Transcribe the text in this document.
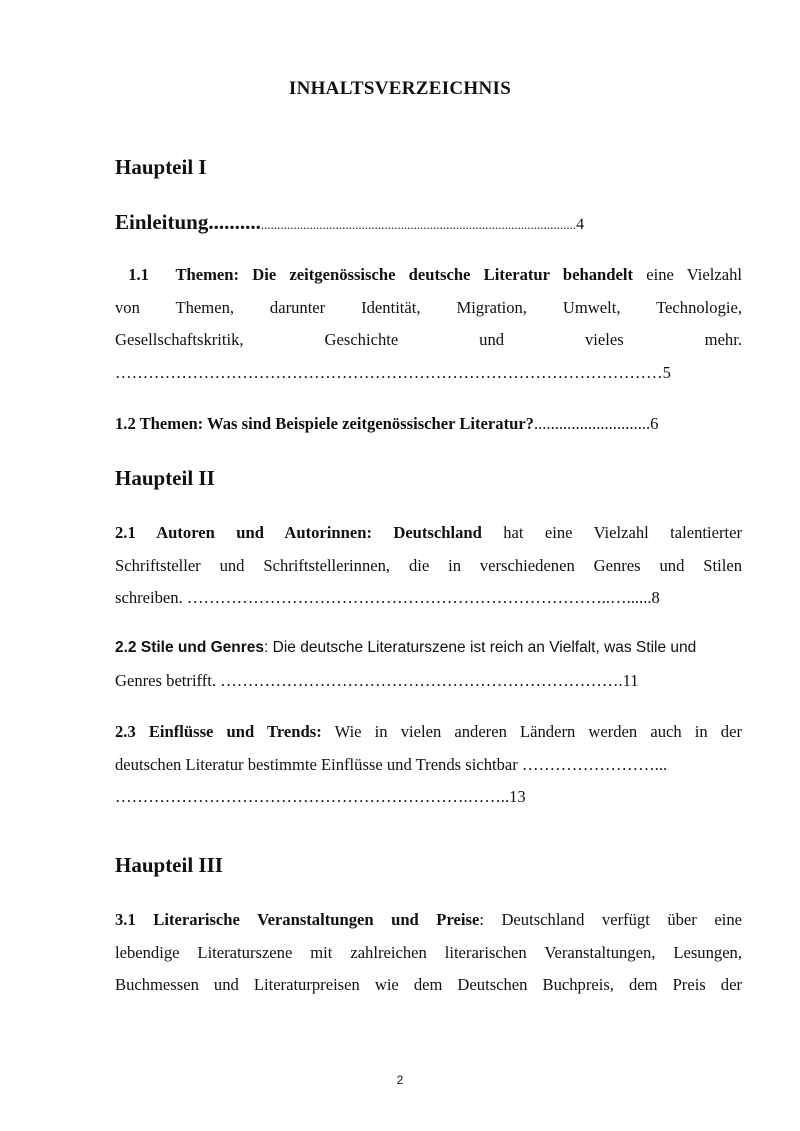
INHALTSVERZEICHNIS
Haupteil I
Einleitung...........................................................................................................4
1.1 Themen: Die zeitgenössische deutsche Literatur behandelt eine Vielzahl
von Themen, darunter Identität, Migration, Umwelt, Technologie,
Gesellschaftskritik, Geschichte und vieles mehr.
………………………………………………………………………………………5
1.2 Themen: Was sind Beispiele zeitgenössischer Literatur?............................6
Haupteil II
2.1 Autoren und Autorinnen: Deutschland hat eine Vielzahl talentierter
Schriftsteller und Schriftstellerinnen, die in verschiedenen Genres und Stilen
schreiben. …………………………………………………………………..…......8
2.2 Stile und Genres: Die deutsche Literaturszene ist reich an Vielfalt, was Stile und
Genres betrifft. ……………………………………………………………….11
2.3 Einflüsse und Trends: Wie in vielen anderen Ländern werden auch in der
deutschen Literatur bestimmte Einflüsse und Trends sichtbar ……………………...
……………………………………………………….……..13
Haupteil III
3.1 Literarische Veranstaltungen und Preise: Deutschland verfügt über eine
lebendige Literaturszene mit zahlreichen literarischen Veranstaltungen, Lesungen,
Buchmessen und Literaturpreisen wie dem Deutschen Buchpreis, dem Preis der
2
